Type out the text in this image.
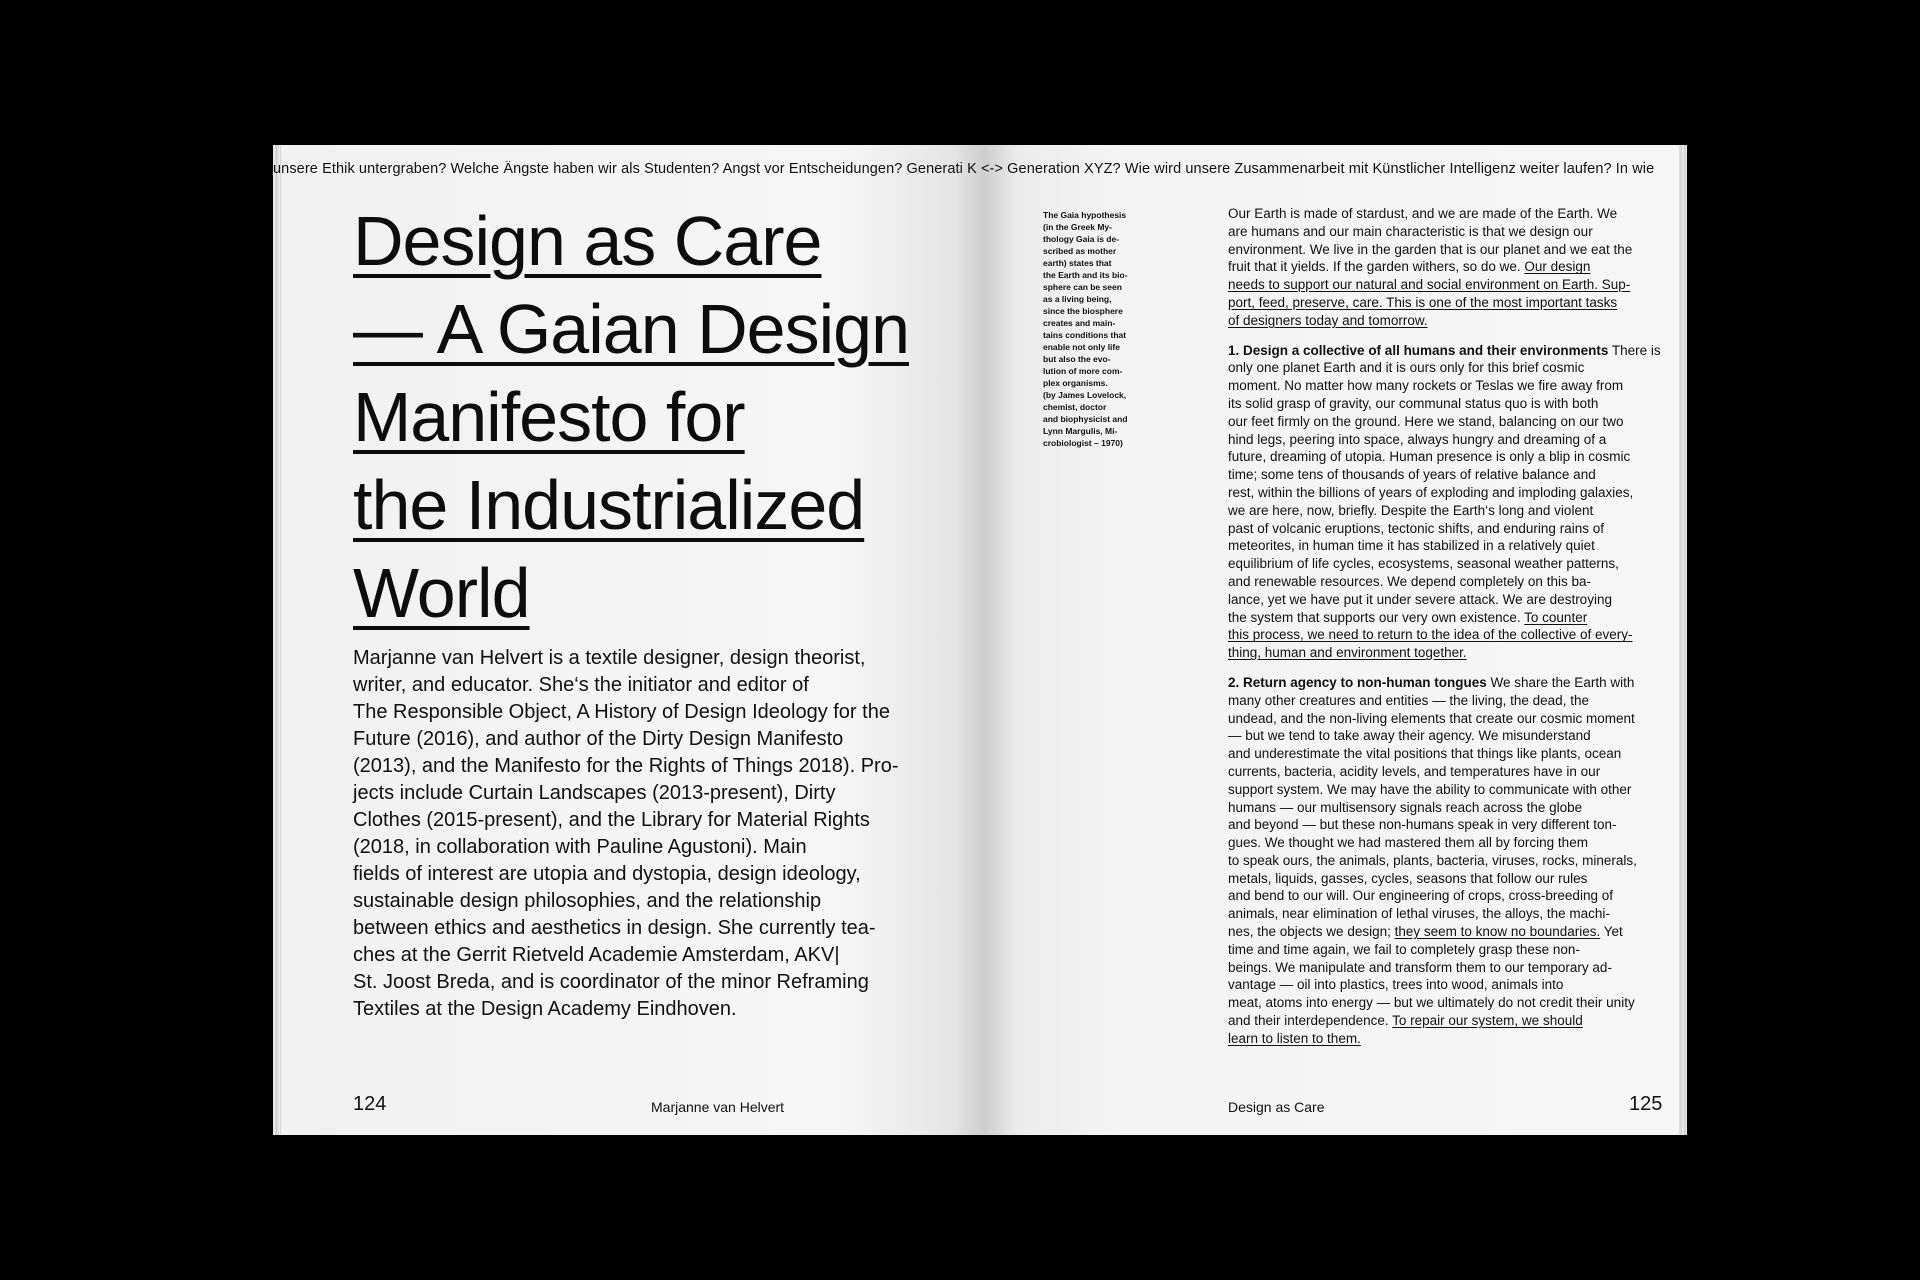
Design as Care
— A Gaian Design
Manifesto for
the Industrialized
World
Marjanne van Helvert is a textile designer, design theorist,
writer, and educator. She‘s the initiator and editor of
The Responsible Object, A History of Design Ideology for the
Future (2016), and author of the Dirty Design Manifesto
(2013), and the Manifesto for the Rights of Things 2018). Pro-
jects include Curtain Landscapes (2013-present), Dirty
Clothes (2015-present), and the Library for Material Rights
(2018, in collaboration with Pauline Agustoni). Main
fields of interest are utopia and dystopia, design ideology,
sustainable design philosophies, and the relationship
between ethics and aesthetics in design. She currently tea-
ches at the Gerrit Rietveld Academie Amsterdam, AKV|
St. Joost Breda, and is coordinator of the minor Reframing
Textiles at the Design Academy Eindhoven.
124	Marjanne van Helvert
The Gaia hypothesis
(in the Greek My-
thology Gaia is de-
scribed as mother
earth) states that
the Earth and its bio-
sphere can be seen
as a living being,
since the biosphere
creates and main-
tains conditions that
enable not only life
but also the evo-
lution of more com-
plex organisms.
(by James Lovelock,
chemist, doctor
and biophysicist and
Lynn Margulis, Mi-
crobiologist – 1970)
Our Earth is made of stardust, and we are made of the Earth. We
are humans and our main characteristic is that we design our
environment. We live in the garden that is our planet and we eat the
fruit that it yields. If the garden withers, so do we. Our design
needs to support our natural and social environment on Earth. Sup-
port, feed, preserve, care. This is one of the most important tasks
of designers today and tomorrow.
1. Design a collective of all humans and their environments There is
only one planet Earth and it is ours only for this brief cosmic
moment. No matter how many rockets or Teslas we fire away from
its solid grasp of gravity, our communal status quo is with both
our feet firmly on the ground. Here we stand, balancing on our two
hind legs, peering into space, always hungry and dreaming of a
future, dreaming of utopia. Human presence is only a blip in cosmic
time; some tens of thousands of years of relative balance and
rest, within the billions of years of exploding and imploding galaxies,
we are here, now, briefly. Despite the Earth‘s long and violent
past of volcanic eruptions, tectonic shifts, and enduring rains of
meteorites, in human time it has stabilized in a relatively quiet
equilibrium of life cycles, ecosystems, seasonal weather patterns,
and renewable resources. We depend completely on this ba-
lance, yet we have put it under severe attack. We are destroying
the system that supports our very own existence. To counter
this process, we need to return to the idea of the collective of every-
thing, human and environment together.
2. Return agency to non-human tongues We share the Earth with
many other creatures and entities — the living, the dead, the
undead, and the non-living elements that create our cosmic moment
— but we tend to take away their agency. We misunderstand
and underestimate the vital positions that things like plants, ocean
currents, bacteria, acidity levels, and temperatures have in our
support system. We may have the ability to communicate with other
humans — our multisensory signals reach across the globe
and beyond — but these non-humans speak in very different ton-
gues. We thought we had mastered them all by forcing them
to speak ours, the animals, plants, bacteria, viruses, rocks, minerals,
metals, liquids, gasses, cycles, seasons that follow our rules
and bend to our will. Our engineering of crops, cross-breeding of
animals, near elimination of lethal viruses, the alloys, the machi-
nes, the objects we design; they seem to know no boundaries. Yet
time and time again, we fail to completely grasp these non-
beings. We manipulate and transform them to our temporary ad-
vantage — oil into plastics, trees into wood, animals into
meat, atoms into energy — but we ultimately do not credit their unity
and their interdependence. To repair our system, we should
learn to listen to them.
Design as Care	125
unsere Ethik untergraben? Welche Ängste haben wir als Studenten? Angst vor Entscheidungen? Generati K <-> Generation XYZ? Wie wird unsere Zusammenarbeit mit Künstlicher Intelligenz weiter laufen? In wie
